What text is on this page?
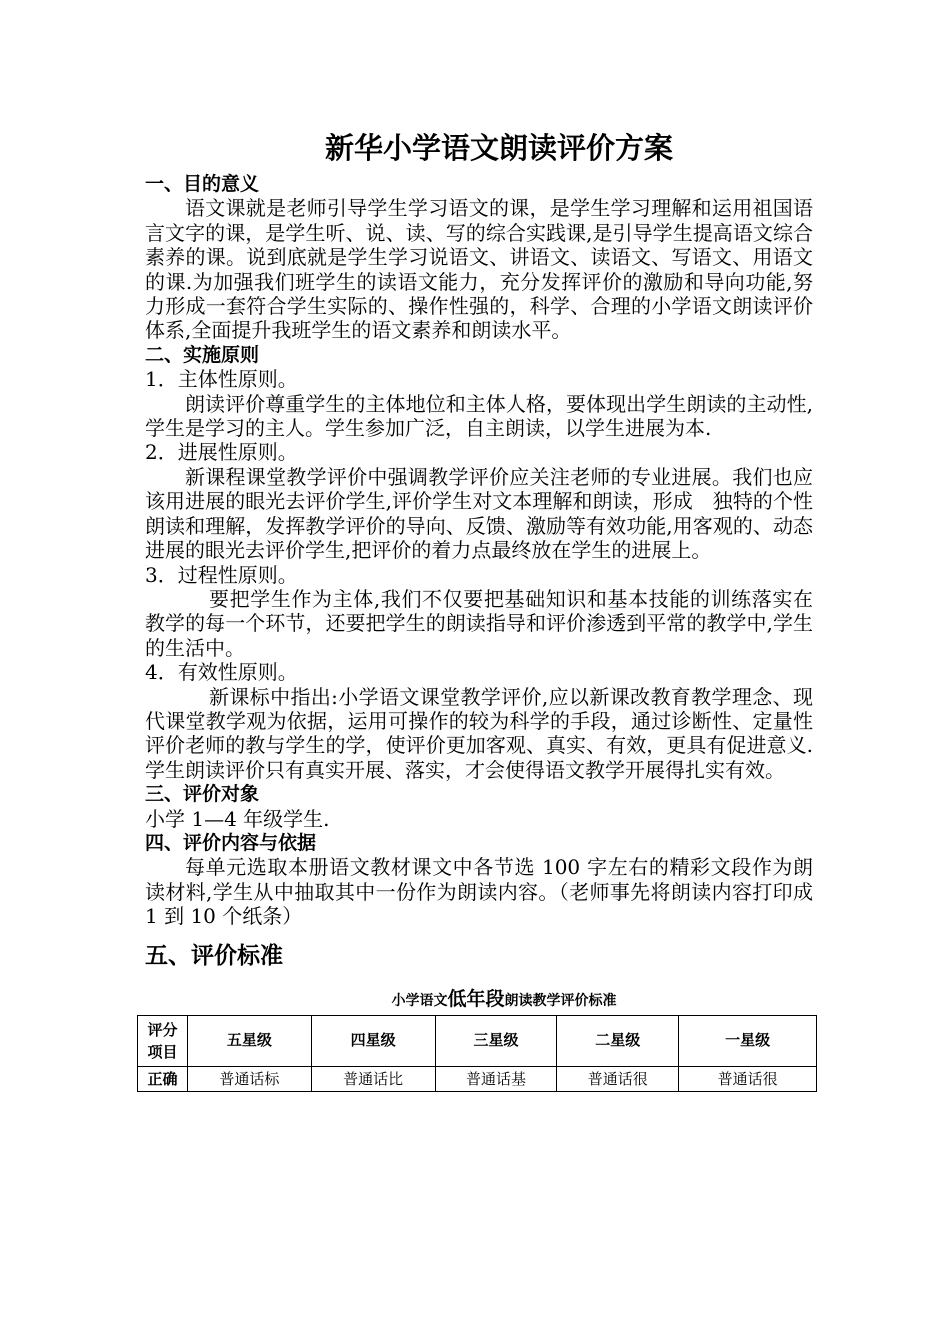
新华小学语文朗读评价方案
一、目的意义
语文课就是老师引导学生学习语文的课，是学生学习理解和运用祖国语言文字的课，是学生听、说、读、写的综合实践课,是引导学生提高语文综合素养的课。说到底就是学生学习说语文、讲语文、读语文、写语文、用语文的课.为加强我们班学生的读语文能力，充分发挥评价的激励和导向功能,努力形成一套符合学生实际的、操作性强的，科学、合理的小学语文朗读评价体系,全面提升我班学生的语文素养和朗读水平。
二、实施原则
1．主体性原则。
朗读评价尊重学生的主体地位和主体人格，要体现出学生朗读的主动性,学生是学习的主人。学生参加广泛，自主朗读，以学生进展为本.
2．进展性原则。
新课程课堂教学评价中强调教学评价应关注老师的专业进展。我们也应该用进展的眼光去评价学生,评价学生对文本理解和朗读，形成　独特的个性朗读和理解，发挥教学评价的导向、反馈、激励等有效功能,用客观的、动态进展的眼光去评价学生,把评价的着力点最终放在学生的进展上。
3．过程性原则。
要把学生作为主体,我们不仅要把基础知识和基本技能的训练落实在教学的每一个环节，还要把学生的朗读指导和评价渗透到平常的教学中,学生的生活中。
4．有效性原则。
新课标中指出:小学语文课堂教学评价,应以新课改教育教学理念、现代课堂教学观为依据，运用可操作的较为科学的手段，通过诊断性、定量性评价老师的教与学生的学，使评价更加客观、真实、有效，更具有促进意义.学生朗读评价只有真实开展、落实，才会使得语文教学开展得扎实有效。
三、评价对象
小学 1—4 年级学生.
四、评价内容与依据
每单元选取本册语文教材课文中各节选 100 字左右的精彩文段作为朗读材料,学生从中抽取其中一份作为朗读内容。（老师事先将朗读内容打印成 1 到 10 个纸条）
五、评价标准
小学语文低年段朗读教学评价标准
评分
项目	五星级	四星级	三星级	二星级	一星级
正确	普通话标	普通话比	普通话基	普通话很	普通话很
